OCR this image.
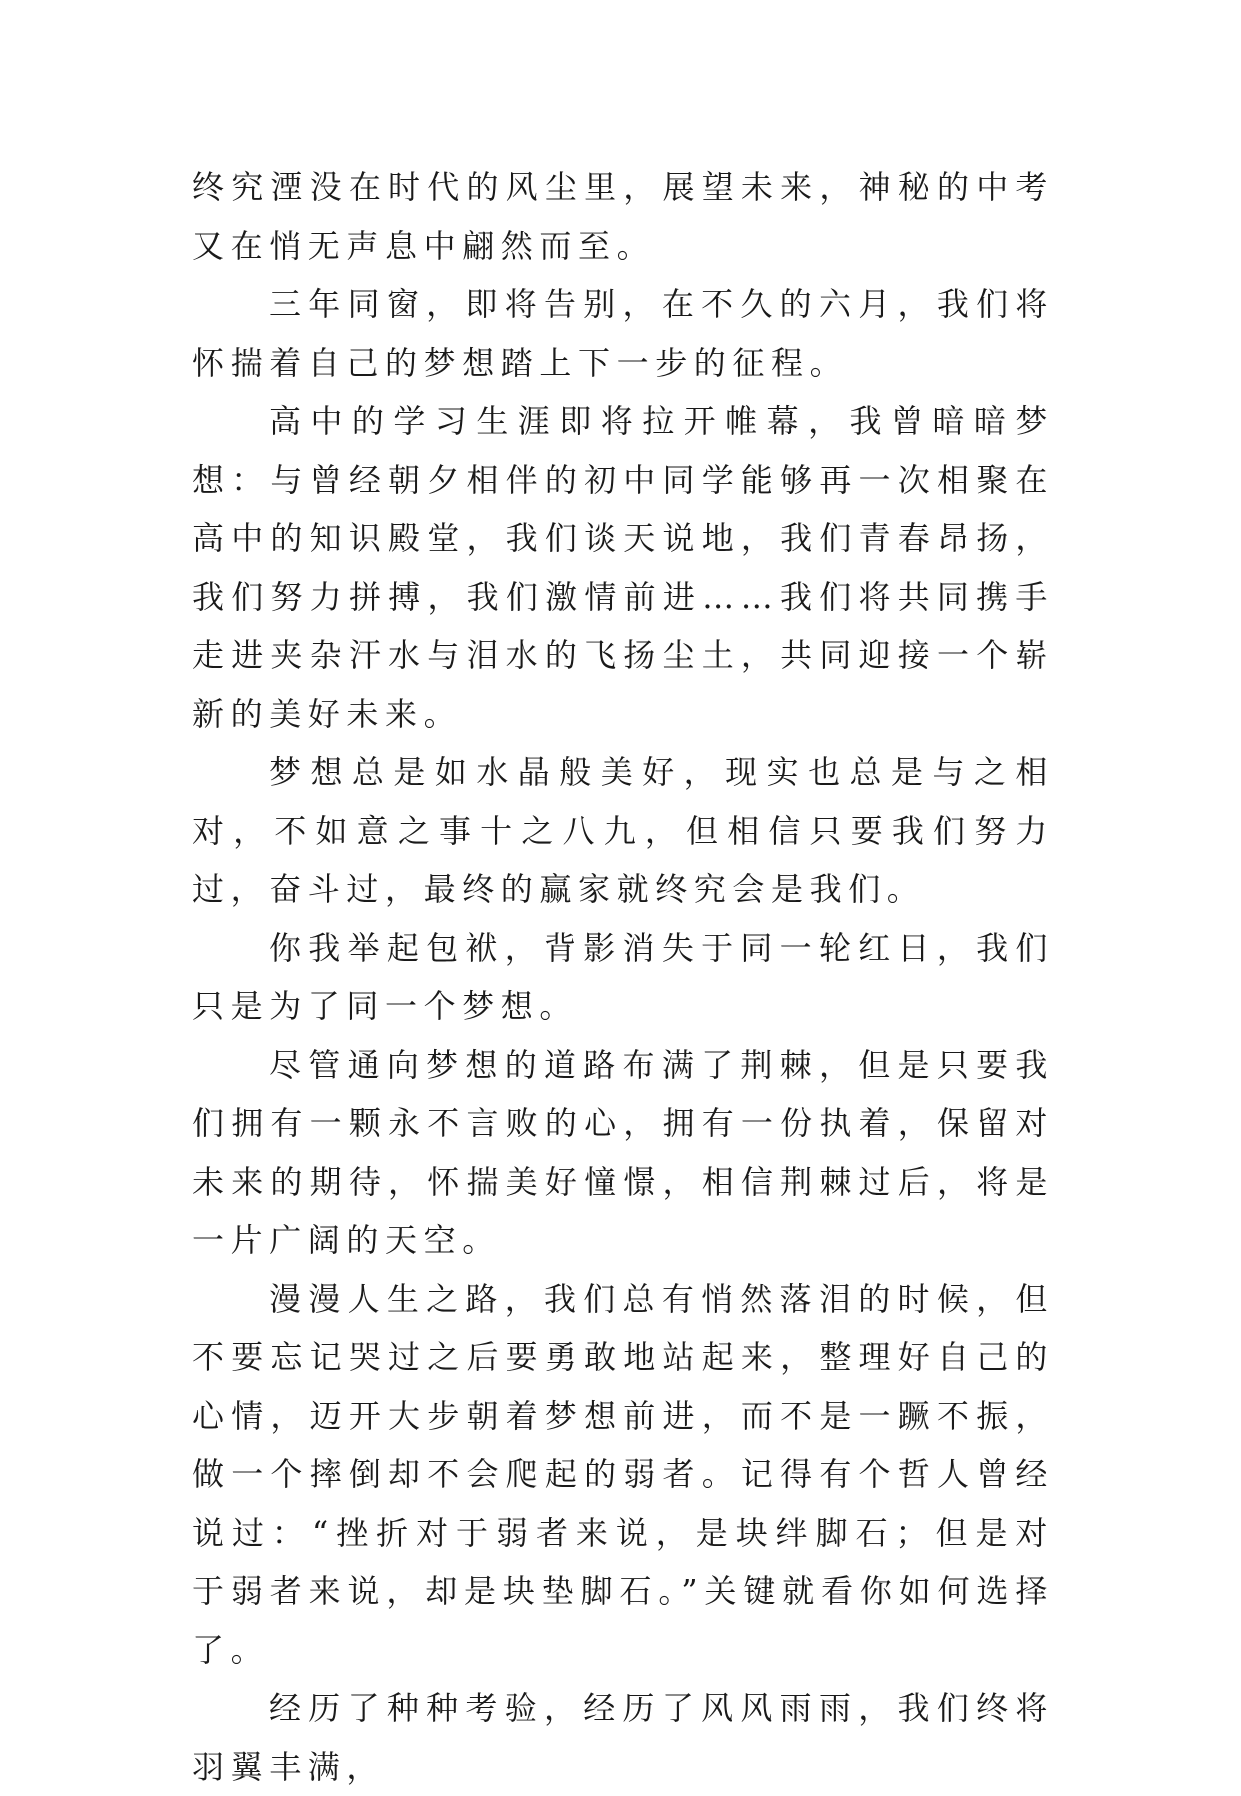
终究湮没在时代的风尘里，展望未来，神秘的中考又在悄无声息中翩然而至。

三年同窗，即将告别，在不久的六月，我们将怀揣着自己的梦想踏上下一步的征程。

高中的学习生涯即将拉开帷幕，我曾暗暗梦想：与曾经朝夕相伴的初中同学能够再一次相聚在高中的知识殿堂，我们谈天说地，我们青春昂扬，我们努力拼搏，我们激情前进……我们将共同携手走进夹杂汗水与泪水的飞扬尘土，共同迎接一个崭新的美好未来。

梦想总是如水晶般美好，现实也总是与之相对，不如意之事十之八九，但相信只要我们努力过，奋斗过，最终的赢家就终究会是我们。

你我举起包袱，背影消失于同一轮红日，我们只是为了同一个梦想。

尽管通向梦想的道路布满了荆棘，但是只要我们拥有一颗永不言败的心，拥有一份执着，保留对未来的期待，怀揣美好憧憬，相信荆棘过后，将是一片广阔的天空。

漫漫人生之路，我们总有悄然落泪的时候，但不要忘记哭过之后要勇敢地站起来，整理好自己的心情，迈开大步朝着梦想前进，而不是一蹶不振，做一个摔倒却不会爬起的弱者。记得有个哲人曾经说过：“挫折对于弱者来说，是块绊脚石；但是对于弱者来说，却是块垫脚石。”关键就看你如何选择了。

经历了种种考验，经历了风风雨雨，我们终将羽翼丰满，
